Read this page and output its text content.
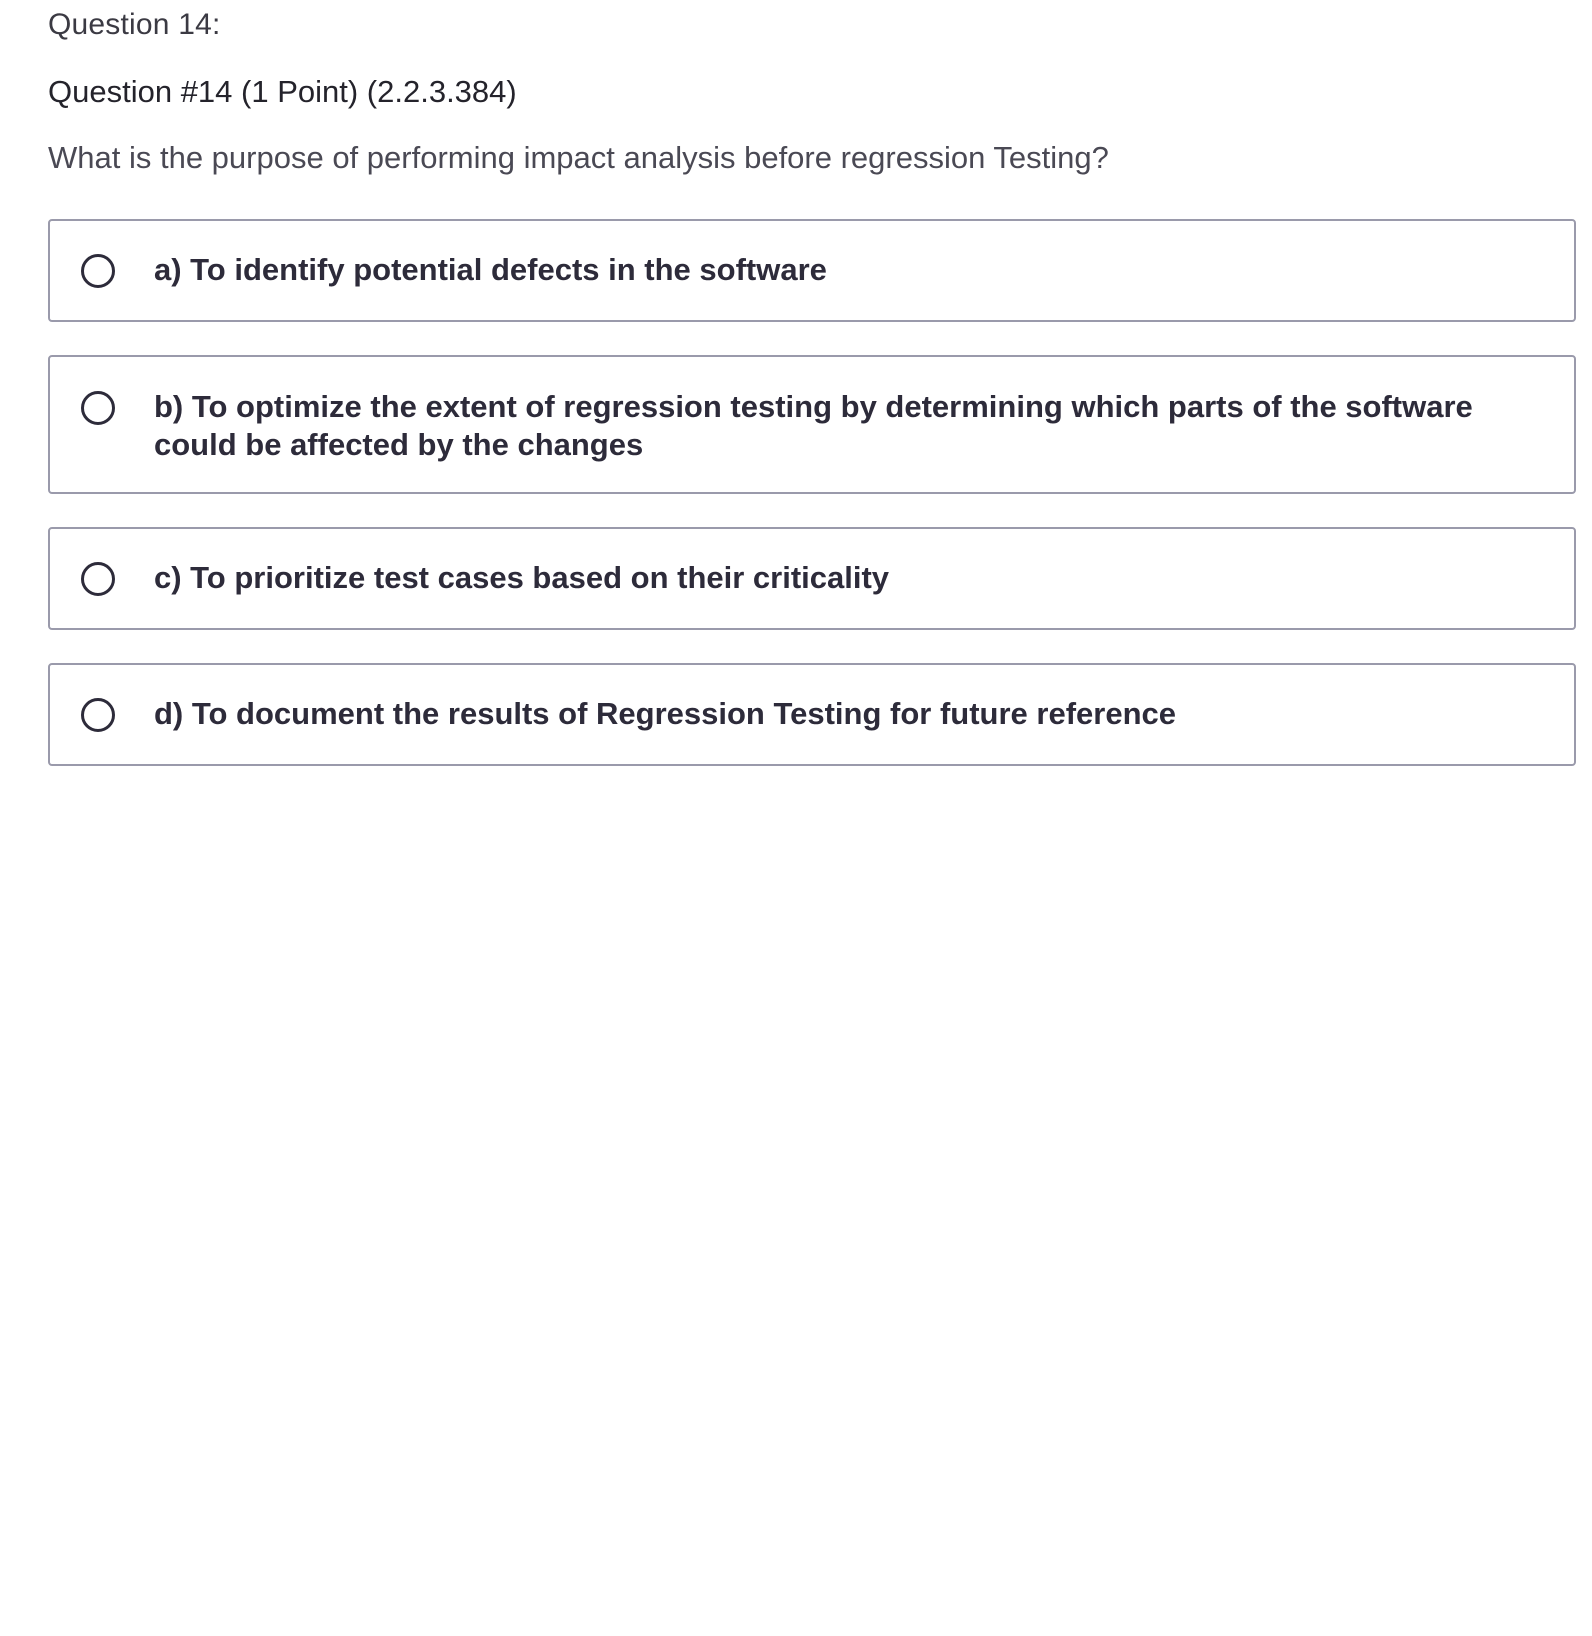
Question 14:
Question #14 (1 Point) (2.2.3.384)
What is the purpose of performing impact analysis before regression Testing?
a) To identify potential defects in the software
b) To optimize the extent of regression testing by determining which parts of the software could be affected by the changes
c) To prioritize test cases based on their criticality
d) To document the results of Regression Testing for future reference
